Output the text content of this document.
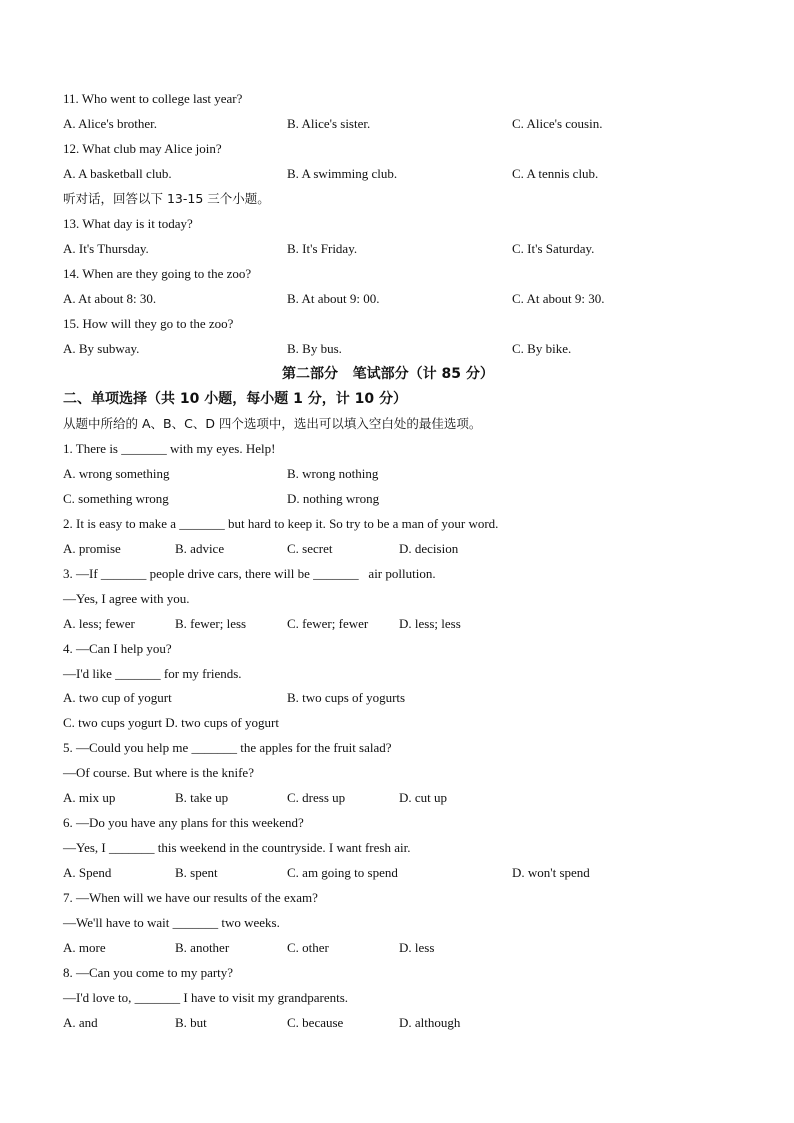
11. Who went to college last year?
A. Alice's brother.	B. Alice's sister.	C. Alice's cousin.
12. What club may Alice join?
A. A basketball club.	B. A swimming club.	C. A tennis club.
听对话，回答以下 13-15 三个小题。
13. What day is it today?
A. It's Thursday.	B. It's Friday.	C. It's Saturday.
14. When are they going to the zoo?
A. At about 8: 30.	B. At about 9: 00.	C. At about 9: 30.
15. How will they go to the zoo?
A. By subway.	B. By bus.	C. By bike.
第二部分   笔试部分（计 85 分）
二、单项选择（共 10 小题，每小题 1 分，计 10 分）
从题中所给的 A、B、C、D 四个选项中，选出可以填入空白处的最佳选项。
1. There is _______ with my eyes. Help!
A. wrong something	B. wrong nothing
C. something wrong	D. nothing wrong
2. It is easy to make a _______ but hard to keep it. So try to be a man of your word.
A. promise	B. advice	C. secret	D. decision
3. —If _______ people drive cars, there will be _______   air pollution.
—Yes, I agree with you.
A. less; fewer	B. fewer; less	C. fewer; fewer D. less; less
4. —Can I help you?
—I'd like _______ for my friends.
A. two cup of yogurt	B. two cups of yogurts
C. two cups yogurt D. two cups of yogurt
5. —Could you help me _______ the apples for the fruit salad?
—Of course. But where is the knife?
A. mix up	B. take up	C. dress up	D. cut up
6. —Do you have any plans for this weekend?
—Yes, I _______ this weekend in the countryside. I want fresh air.
A. Spend	B. spent	C. am going to spend	D. won't spend
7. —When will we have our results of the exam?
—We'll have to wait _______ two weeks.
A. more	B. another	C. other	D. less
8. —Can you come to my party?
—I'd love to, _______ I have to visit my grandparents.
A. and	B. but	C. because	D. although
